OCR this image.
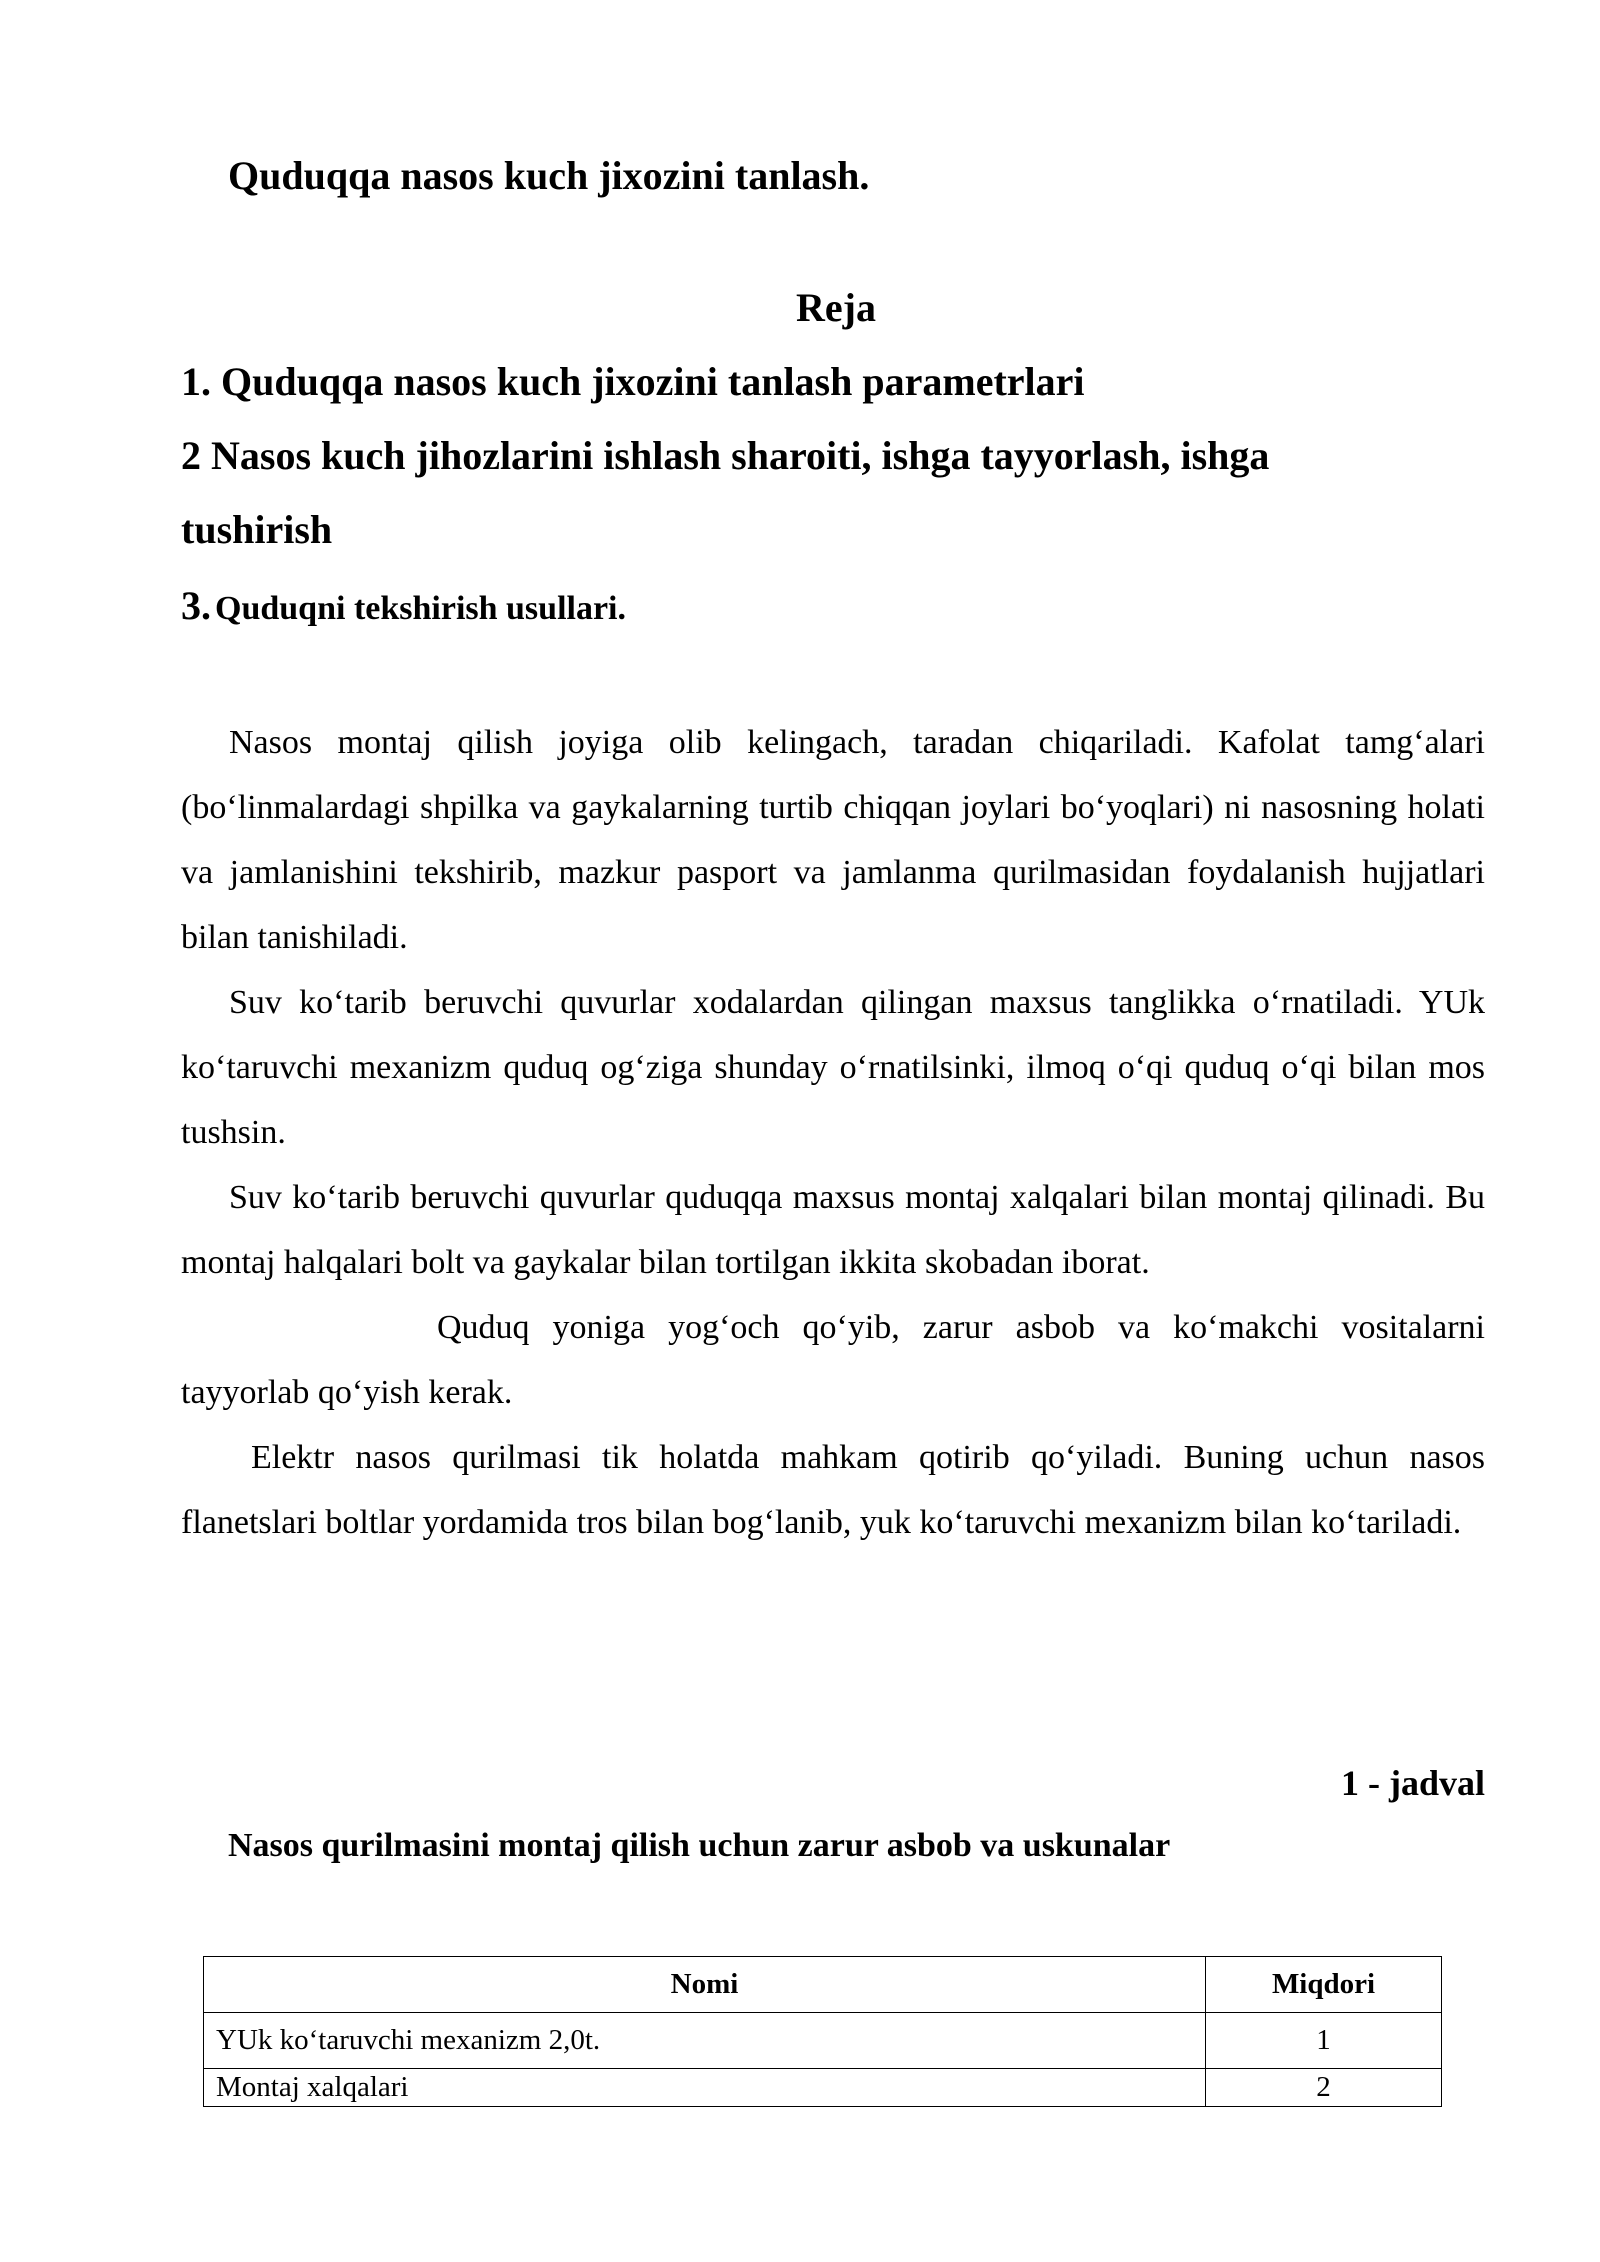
Quduqqa nasos kuch jixozini tanlash.
Reja
1. Quduqqa nasos kuch jixozini tanlash parametrlari
2 Nasos kuch jihozlarini ishlash sharoiti, ishga tayyorlash, ishga
tushirish
3. Quduqni tekshirish usullari.

Nasos montaj qilish joyiga olib kelingach, taradan chiqariladi. Kafolat tamg‘alari (bo‘linmalardagi shpilka va gaykalarning turtib chiqqan joylari bo‘yoqlari) ni nasosning holati va jamlanishini tekshirib, mazkur pasport va jamlanma qurilmasidan foydalanish hujjatlari bilan tanishiladi.

Suv ko‘tarib beruvchi quvurlar xodalardan qilingan maxsus tanglikka o‘rnatiladi. YUk ko‘taruvchi mexanizm quduq og‘ziga shunday o‘rnatilsinki, ilmoq o‘qi quduq o‘qi bilan mos tushsin.

Suv ko‘tarib beruvchi quvurlar quduqqa maxsus montaj xalqalari bilan montaj qilinadi. Bu montaj halqalari bolt va gaykalar bilan tortilgan ikkita skobadan iborat.

Quduq yoniga yog‘och qo‘yib, zarur asbob va ko‘makchi vositalarni tayyorlab qo‘yish kerak.

Elektr nasos qurilmasi tik holatda mahkam qotirib qo‘yiladi. Buning uchun nasos flanetslari boltlar yordamida tros bilan bog‘lanib, yuk ko‘taruvchi mexanizm bilan ko‘tariladi.

1 - jadval
Nasos qurilmasini montaj qilish uchun zarur asbob va uskunalar
Nomi	Miqdori
YUk ko‘taruvchi mexanizm 2,0t.	1
Montaj xalqalari	2
